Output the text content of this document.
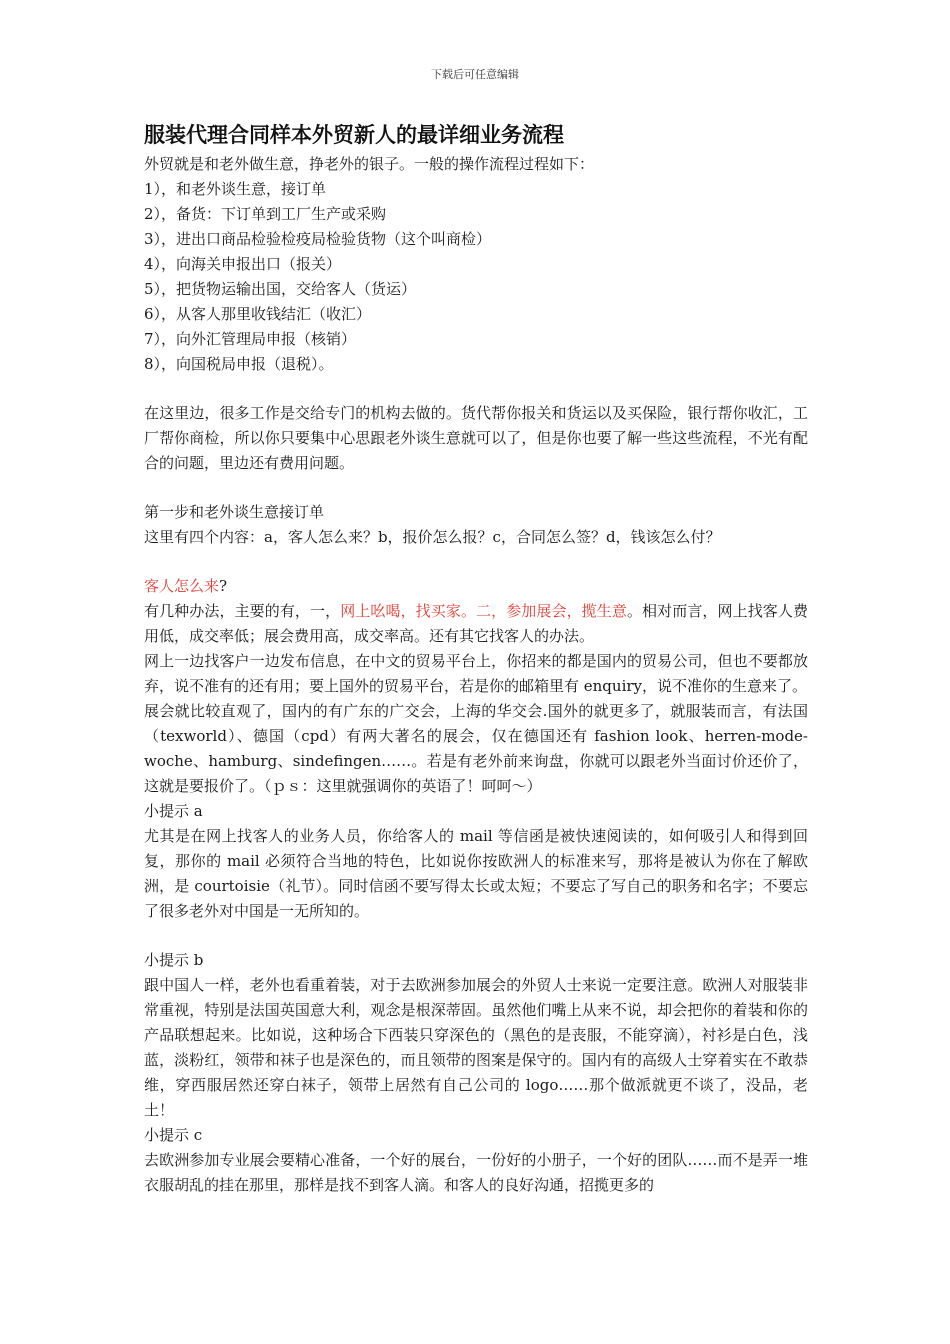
下载后可任意编辑
服装代理合同样本外贸新人的最详细业务流程

外贸就是和老外做生意，挣老外的银子。一般的操作流程过程如下：

1），和老外谈生意，接订单

2），备货：下订单到工厂生产或采购

3），进出口商品检验检疫局检验货物（这个叫商检）

4），向海关申报出口（报关）

5），把货物运输出国，交给客人（货运）

6），从客人那里收钱结汇（收汇）

7），向外汇管理局申报（核销）

8），向国税局申报（退税）。

在这里边，很多工作是交给专门的机构去做的。货代帮你报关和货运以及买保险，银行帮你收汇，工厂帮你商检，所以你只要集中心思跟老外谈生意就可以了，但是你也要了解一些这些流程，不光有配合的问题，里边还有费用问题。

第一步和老外谈生意接订单

这里有四个内容：a，客人怎么来？b，报价怎么报？c，合同怎么签？d，钱该怎么付？

客人怎么来?

有几种办法，主要的有，一，网上吆喝，找买家。二，参加展会，揽生意。相对而言，网上找客人费用低，成交率低；展会费用高，成交率高。还有其它找客人的办法。

网上一边找客户一边发布信息，在中文的贸易平台上，你招来的都是国内的贸易公司，但也不要都放弃，说不准有的还有用；要上国外的贸易平台，若是你的邮箱里有 enquiry，说不准你的生意来了。

展会就比较直观了，国内的有广东的广交会，上海的华交会.国外的就更多了，就服装而言，有法国（texworld）、德国（cpd）有两大著名的展会，仅在德国还有 fashion look、herren-mode-woche、hamburg、sindefingen……。若是有老外前来询盘，你就可以跟老外当面讨价还价了，这就是要报价了。（ｐｓ：这里就强调你的英语了！呵呵～）

小提示 a

尤其是在网上找客人的业务人员，你给客人的 mail 等信函是被快速阅读的，如何吸引人和得到回复，那你的 mail 必须符合当地的特色，比如说你按欧洲人的标准来写，那将是被认为你在了解欧洲，是 courtoisie（礼节）。同时信函不要写得太长或太短；不要忘了写自己的职务和名字；不要忘了很多老外对中国是一无所知的。

小提示 b

跟中国人一样，老外也看重着装，对于去欧洲参加展会的外贸人士来说一定要注意。欧洲人对服装非常重视，特别是法国英国意大利，观念是根深蒂固。虽然他们嘴上从来不说，却会把你的着装和你的产品联想起来。比如说，这种场合下西装只穿深色的（黑色的是丧服，不能穿滴），衬衫是白色，浅蓝，淡粉红，领带和袜子也是深色的，而且领带的图案是保守的。国内有的高级人士穿着实在不敢恭维，穿西服居然还穿白袜子，领带上居然有自己公司的 logo……那个做派就更不谈了，没品，老土！

小提示 c

去欧洲参加专业展会要精心准备，一个好的展台，一份好的小册子，一个好的团队……而不是弄一堆衣服胡乱的挂在那里，那样是找不到客人滴。和客人的良好沟通，招揽更多的
